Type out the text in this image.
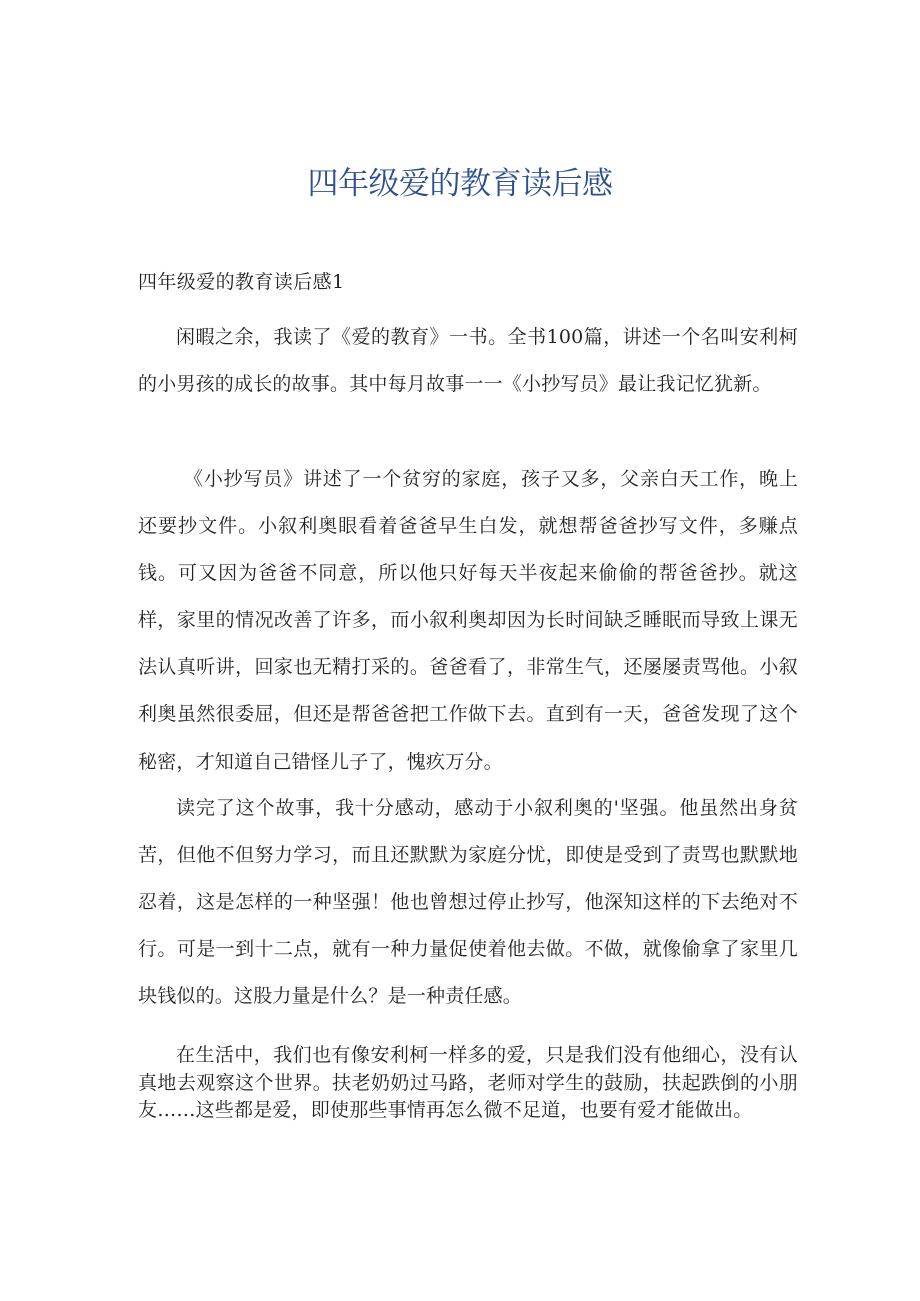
四年级爱的教育读后感

四年级爱的教育读后感1

闲暇之余，我读了《爱的教育》一书。全书100篇，讲述一个名叫安利柯的小男孩的成长的故事。其中每月故事一一《小抄写员》最让我记忆犹新。

《小抄写员》讲述了一个贫穷的家庭，孩子又多，父亲白天工作，晚上还要抄文件。小叙利奥眼看着爸爸早生白发，就想帮爸爸抄写文件，多赚点钱。可又因为爸爸不同意，所以他只好每天半夜起来偷偷的帮爸爸抄。就这样，家里的情况改善了许多，而小叙利奥却因为长时间缺乏睡眠而导致上课无法认真听讲，回家也无精打采的。爸爸看了，非常生气，还屡屡责骂他。小叙利奥虽然很委屈，但还是帮爸爸把工作做下去。直到有一天，爸爸发现了这个秘密，才知道自己错怪儿子了，愧疚万分。

读完了这个故事，我十分感动，感动于小叙利奥的'坚强。他虽然出身贫苦，但他不但努力学习，而且还默默为家庭分忧，即使是受到了责骂也默默地忍着，这是怎样的一种坚强！他也曾想过停止抄写，他深知这样的下去绝对不行。可是一到十二点，就有一种力量促使着他去做。不做，就像偷拿了家里几块钱似的。这股力量是什么？是一种责任感。

在生活中，我们也有像安利柯一样多的爱，只是我们没有他细心，没有认真地去观察这个世界。扶老奶奶过马路，老师对学生的鼓励，扶起跌倒的小朋友……这些都是爱，即使那些事情再怎么微不足道，也要有爱才能做出。
